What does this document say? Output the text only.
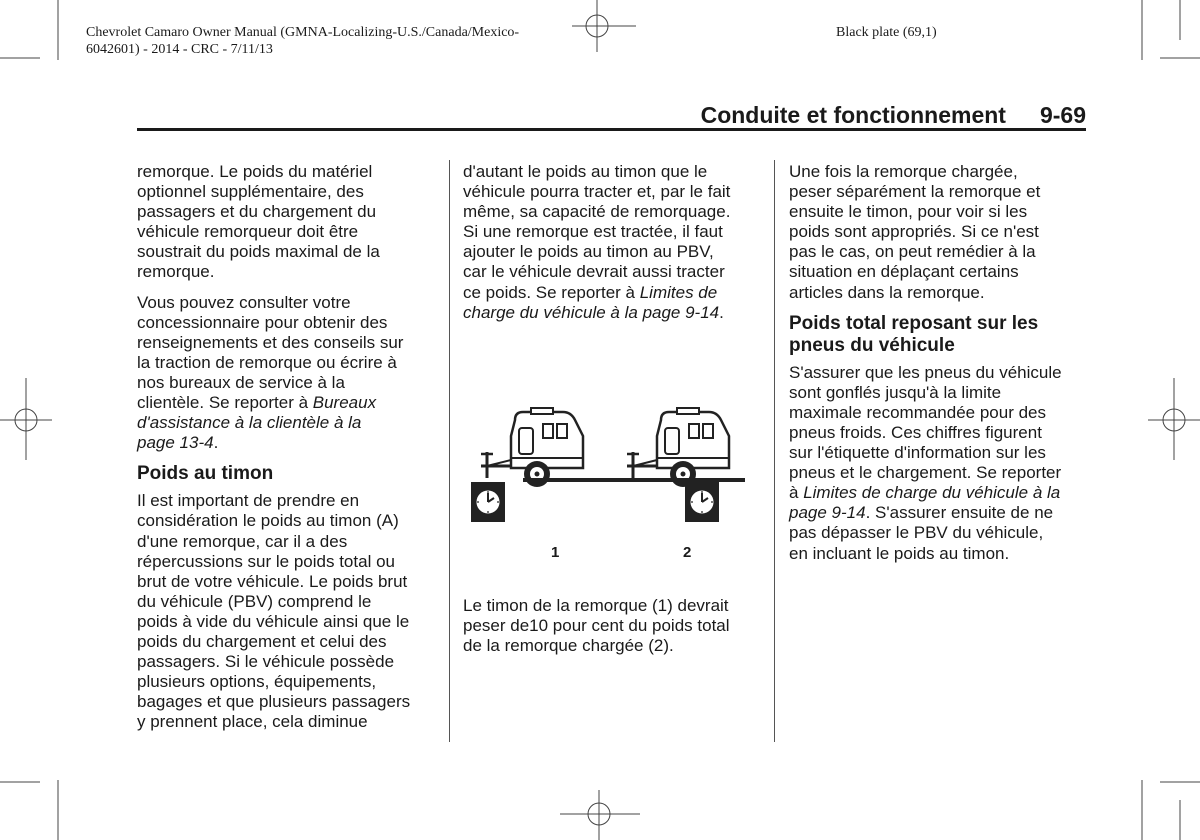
Chevrolet Camaro Owner Manual (GMNA-Localizing-U.S./Canada/Mexico-
6042601) - 2014 - CRC - 7/11/13
Black plate (69,1)
Conduite et fonctionnement 9-69

remorque. Le poids du matériel
optionnel supplémentaire, des
passagers et du chargement du
véhicule remorqueur doit être
soustrait du poids maximal de la
remorque.

Vous pouvez consulter votre
concessionnaire pour obtenir des
renseignements et des conseils sur
la traction de remorque ou écrire à
nos bureaux de service à la
clientèle. Se reporter à Bureaux
d'assistance à la clientèle à la
page 13-4.

Poids au timon

Il est important de prendre en
considération le poids au timon (A)
d'une remorque, car il a des
répercussions sur le poids total ou
brut de votre véhicule. Le poids brut
du véhicule (PBV) comprend le
poids à vide du véhicule ainsi que le
poids du chargement et celui des
passagers. Si le véhicule possède
plusieurs options, équipements,
bagages et que plusieurs passagers
y prennent place, cela diminue

d'autant le poids au timon que le
véhicule pourra tracter et, par le fait
même, sa capacité de remorquage.
Si une remorque est tractée, il faut
ajouter le poids au timon au PBV,
car le véhicule devrait aussi tracter
ce poids. Se reporter à Limites de
charge du véhicule à la page 9-14.

1	2
Le timon de la remorque (1) devrait
peser de10 pour cent du poids total
de la remorque chargée (2).

Une fois la remorque chargée,
peser séparément la remorque et
ensuite le timon, pour voir si les
poids sont appropriés. Si ce n'est
pas le cas, on peut remédier à la
situation en déplaçant certains
articles dans la remorque.

Poids total reposant sur les
pneus du véhicule

S'assurer que les pneus du véhicule
sont gonflés jusqu'à la limite
maximale recommandée pour des
pneus froids. Ces chiffres figurent
sur l'étiquette d'information sur les
pneus et le chargement. Se reporter
à Limites de charge du véhicule à la
page 9-14. S'assurer ensuite de ne
pas dépasser le PBV du véhicule,
en incluant le poids au timon.
